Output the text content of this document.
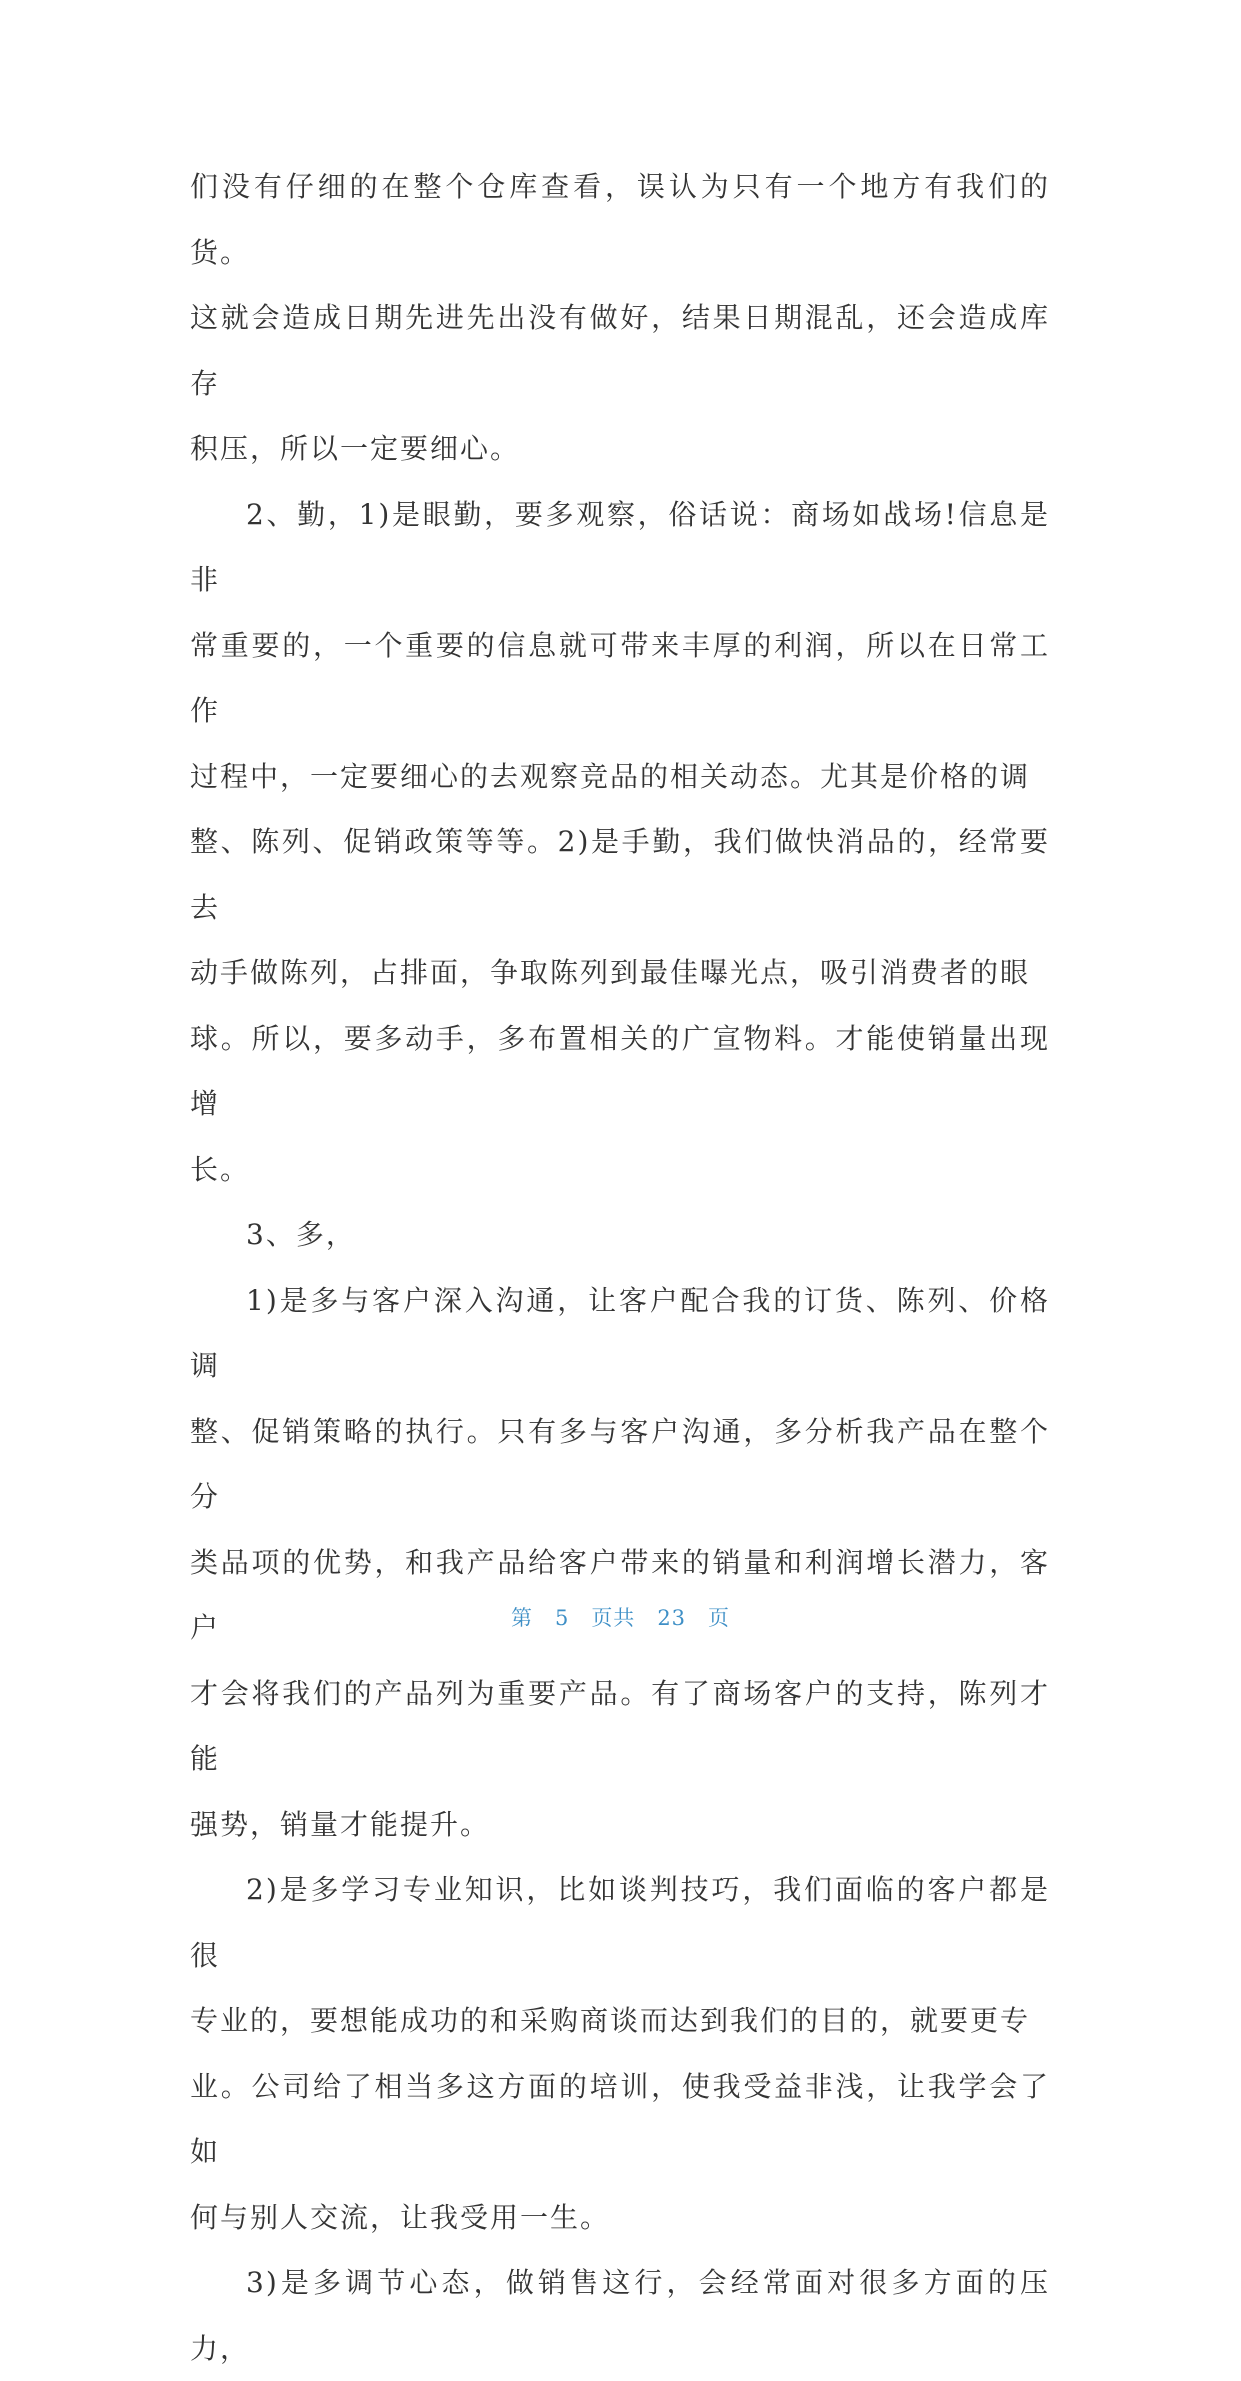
们没有仔细的在整个仓库查看，误认为只有一个地方有我们的货。
这就会造成日期先进先出没有做好，结果日期混乱，还会造成库存
积压，所以一定要细心。

2、勤，1)是眼勤，要多观察，俗话说：商场如战场!信息是非
常重要的，一个重要的信息就可带来丰厚的利润，所以在日常工作
过程中，一定要细心的去观察竞品的相关动态。尤其是价格的调
整、陈列、促销政策等等。2)是手勤，我们做快消品的，经常要去
动手做陈列，占排面，争取陈列到最佳曝光点，吸引消费者的眼
球。所以，要多动手，多布置相关的广宣物料。才能使销量出现增
长。

3、多，

1)是多与客户深入沟通，让客户配合我的订货、陈列、价格调
整、促销策略的执行。只有多与客户沟通，多分析我产品在整个分
类品项的优势，和我产品给客户带来的销量和利润增长潜力，客户
才会将我们的产品列为重要产品。有了商场客户的支持，陈列才能
强势，销量才能提升。

2)是多学习专业知识，比如谈判技巧，我们面临的客户都是很
专业的，要想能成功的和采购商谈而达到我们的目的，就要更专
业。公司给了相当多这方面的培训，使我受益非浅，让我学会了如
何与别人交流，让我受用一生。

3)是多调节心态，做销售这行，会经常面对很多方面的压力，

第 5 页共 23 页
